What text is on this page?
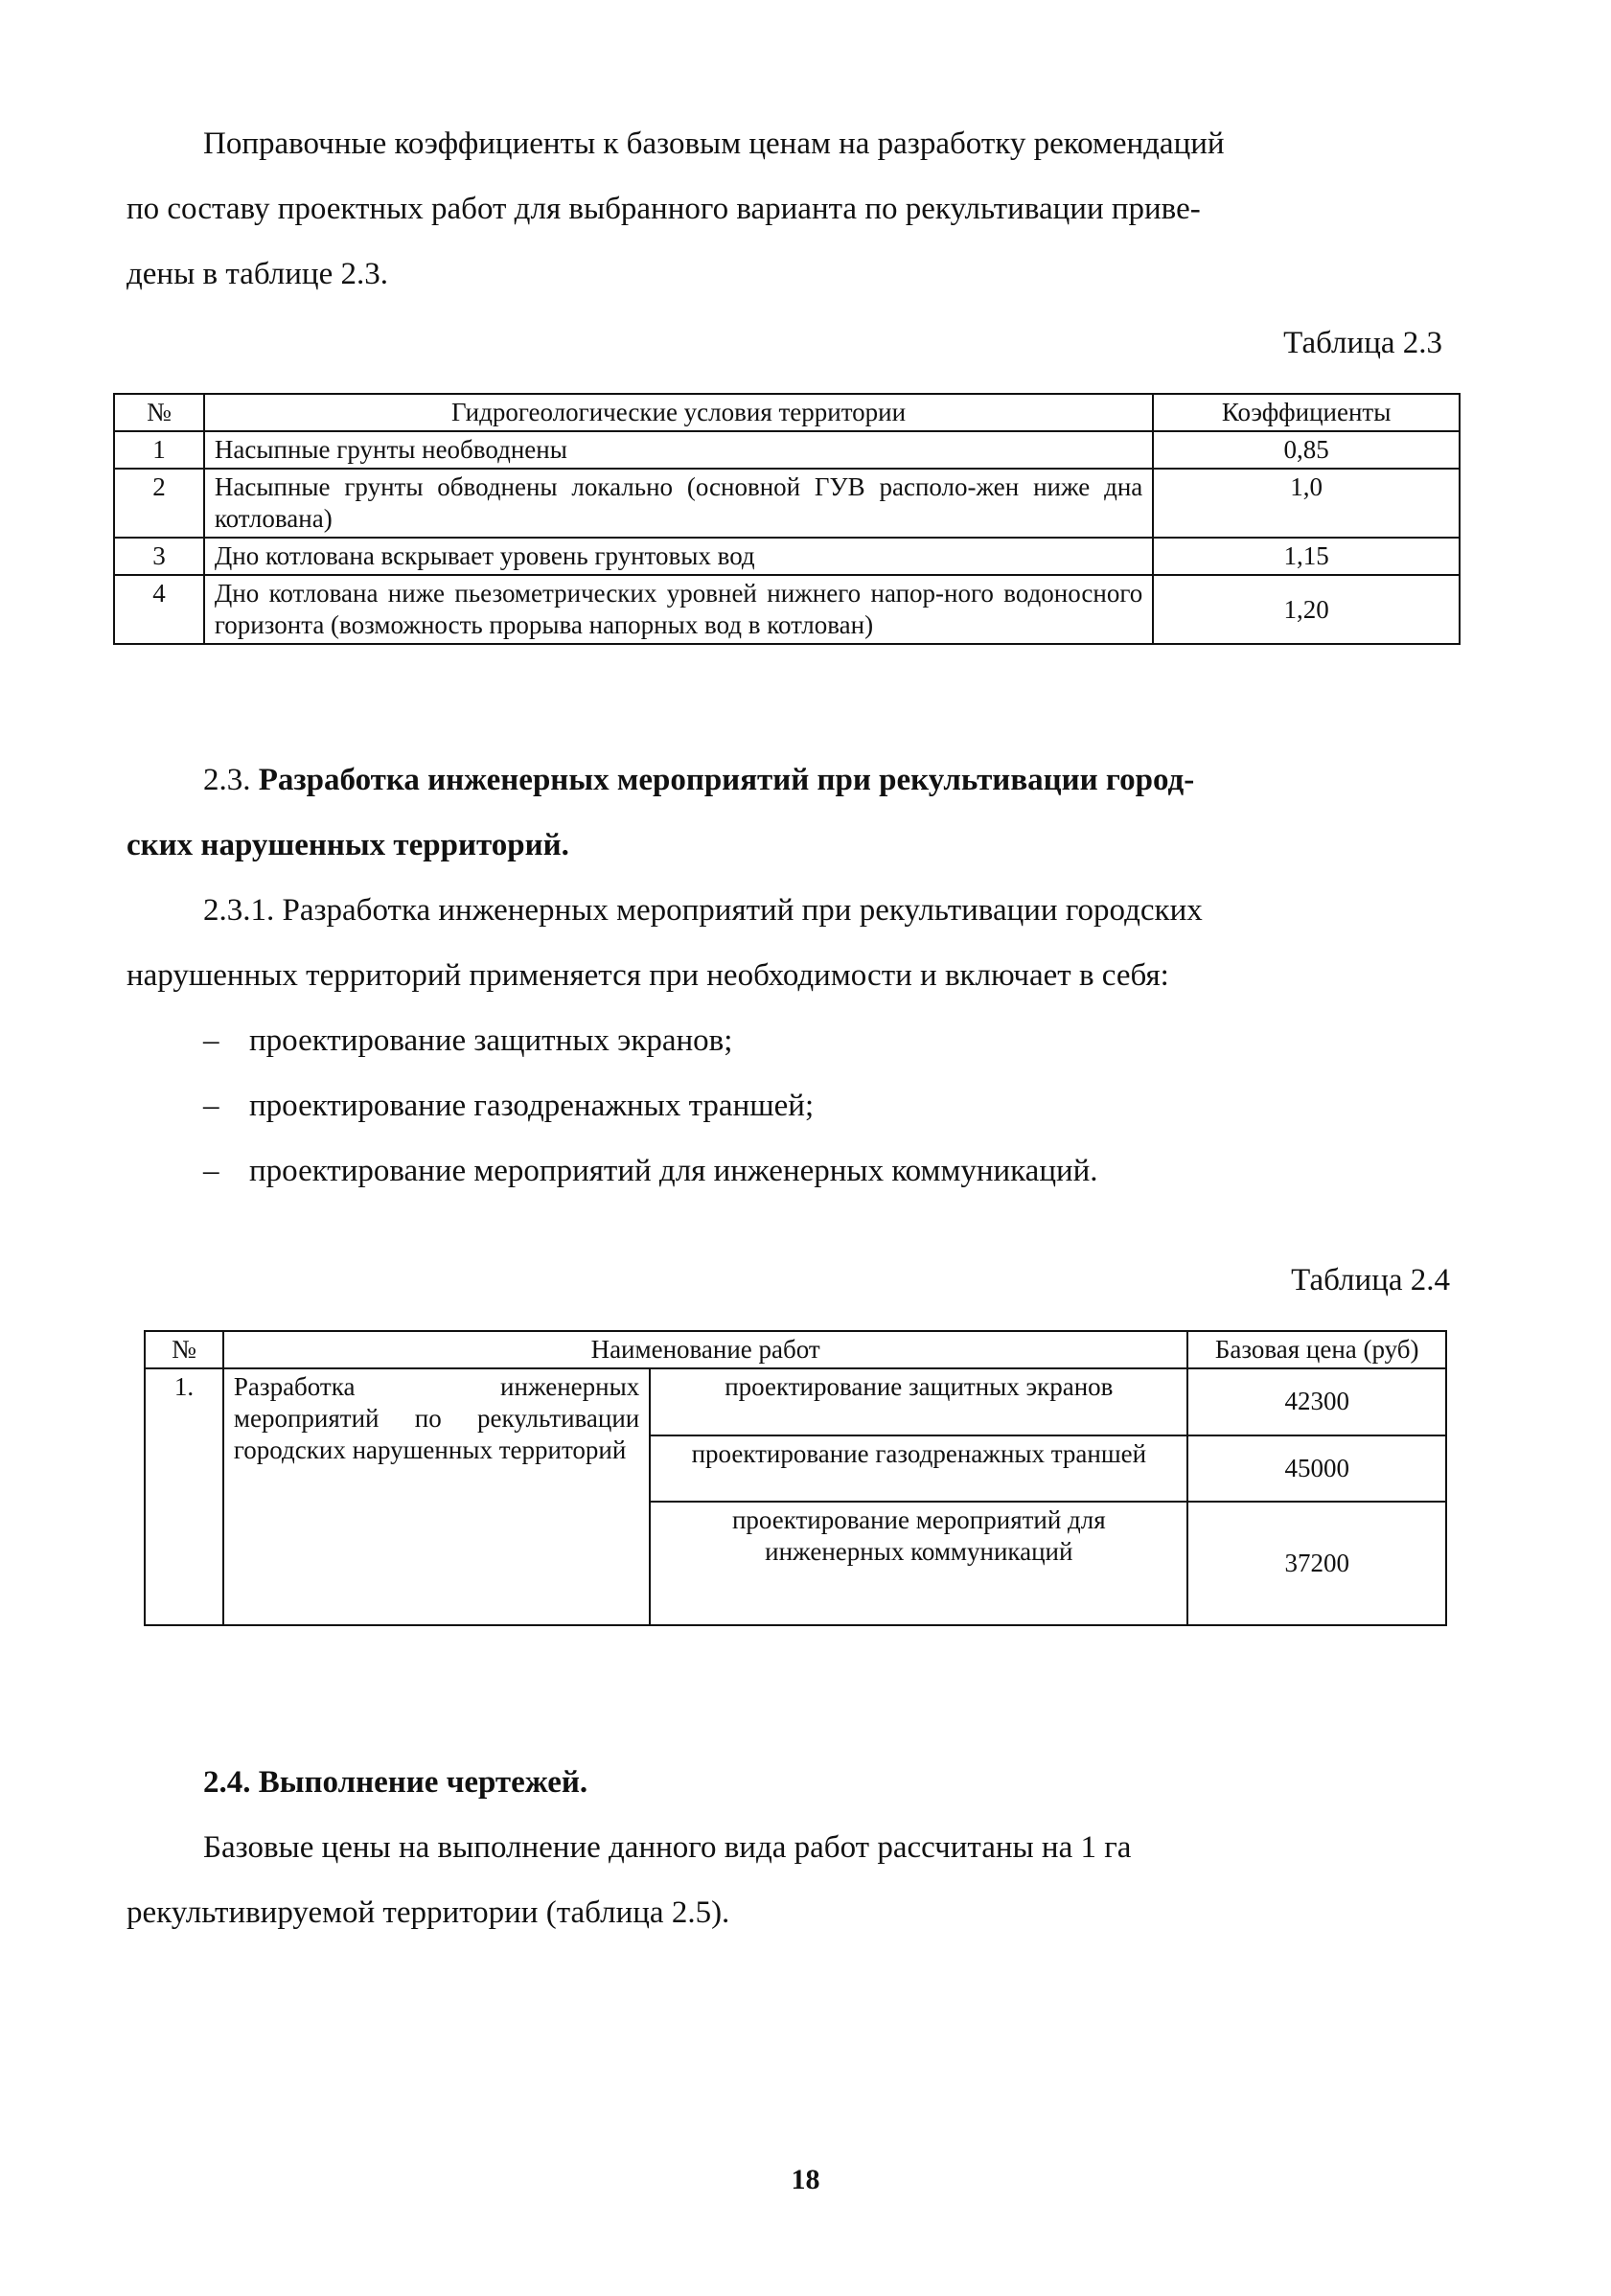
Поправочные коэффициенты к базовым ценам на разработку рекомендаций
по составу проектных работ для выбранного варианта по рекультивации приве-
дены в таблице 2.3.
Таблица 2.3
№	Гидрогеологические условия территории	Коэффициенты
1	Насыпные грунты необводнены	0,85
2	Насыпные грунты обводнены локально (основной ГУВ располо-жен ниже дна котлована)	1,0
3	Дно котлована вскрывает уровень грунтовых вод	1,15
4	Дно котлована ниже пьезометрических уровней нижнего напор-ного водоносного горизонта (возможность прорыва напорных вод в котлован)	1,20
2.3. Разработка инженерных мероприятий при рекультивации город-
ских нарушенных территорий.
2.3.1. Разработка инженерных мероприятий при рекультивации городских
нарушенных территорий применяется при необходимости и включает в себя:
– проектирование защитных экранов;
– проектирование газодренажных траншей;
– проектирование мероприятий для инженерных коммуникаций.
Таблица 2.4
№	Наименование работ		Базовая цена (руб)
1.	Разработка инженерных мероприятий по рекультивации городских нарушенных территорий	проектирование защитных экранов	42300
		проектирование газодренажных траншей	45000
		проектирование мероприятий для инженерных коммуникаций	37200
2.4. Выполнение чертежей.
Базовые цены на выполнение данного вида работ рассчитаны на 1 га
рекультивируемой территории (таблица 2.5).
18
